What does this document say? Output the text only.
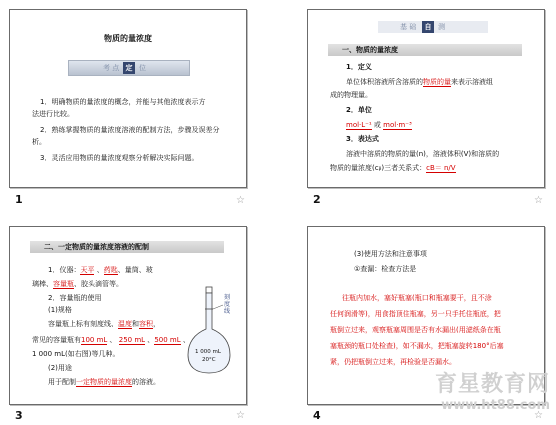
物质的量浓度
考 点 定 位
1．明确物质的量浓度的概念，并能与其他浓度表示方
法进行比较。
2．熟练掌握物质的量浓度溶液的配制方法，步骤及误差分
析。
3．灵活应用物质的量浓度观察分析解决实际问题。
1	☆
基 础	自 测
一、物质的量浓度
1．定义
单位体积溶液所含溶质的物质的量来表示溶液组
成的物理量。
2．单位
mol·L⁻¹ 或 mol·m⁻³
3．表达式
溶液中溶质的物质的量(n)，溶液体积(V)和溶质的
物质的量浓度(cᵦ)三者关系式：cB＝ n/V
2	☆
二、一定物质的量浓度溶液的配制
1．仪器：天平 、药匙、量筒、玻
璃棒、容量瓶、胶头滴管等。
2．容量瓶的使用
(1)规格
容量瓶上标有刻度线、温度和容积，
常见的容量瓶有100 mL 、 250 mL 、500 mL 、
1 000 mL(如右图)等几种。
(2)用途
用于配制一定物质的量浓度的溶液。
刻
度
线
1 000 mL
20°C
3	☆
(3)使用方法和注意事项
①查漏：检查方法是
往瓶内加水，塞好瓶塞(瓶口和瓶塞要干，且不涂
任何润滑等)，用食指顶住瓶塞，另一只手托住瓶底，把
瓶倒立过来，观察瓶塞周围是否有水漏出(用滤纸条在瓶
塞瓶颈的瓶口处检查)，如不漏水，把瓶塞旋转180°后塞
紧，仍把瓶倒立过来，再检验是否漏水。
4	☆
育星教育网
www.ht88.com
